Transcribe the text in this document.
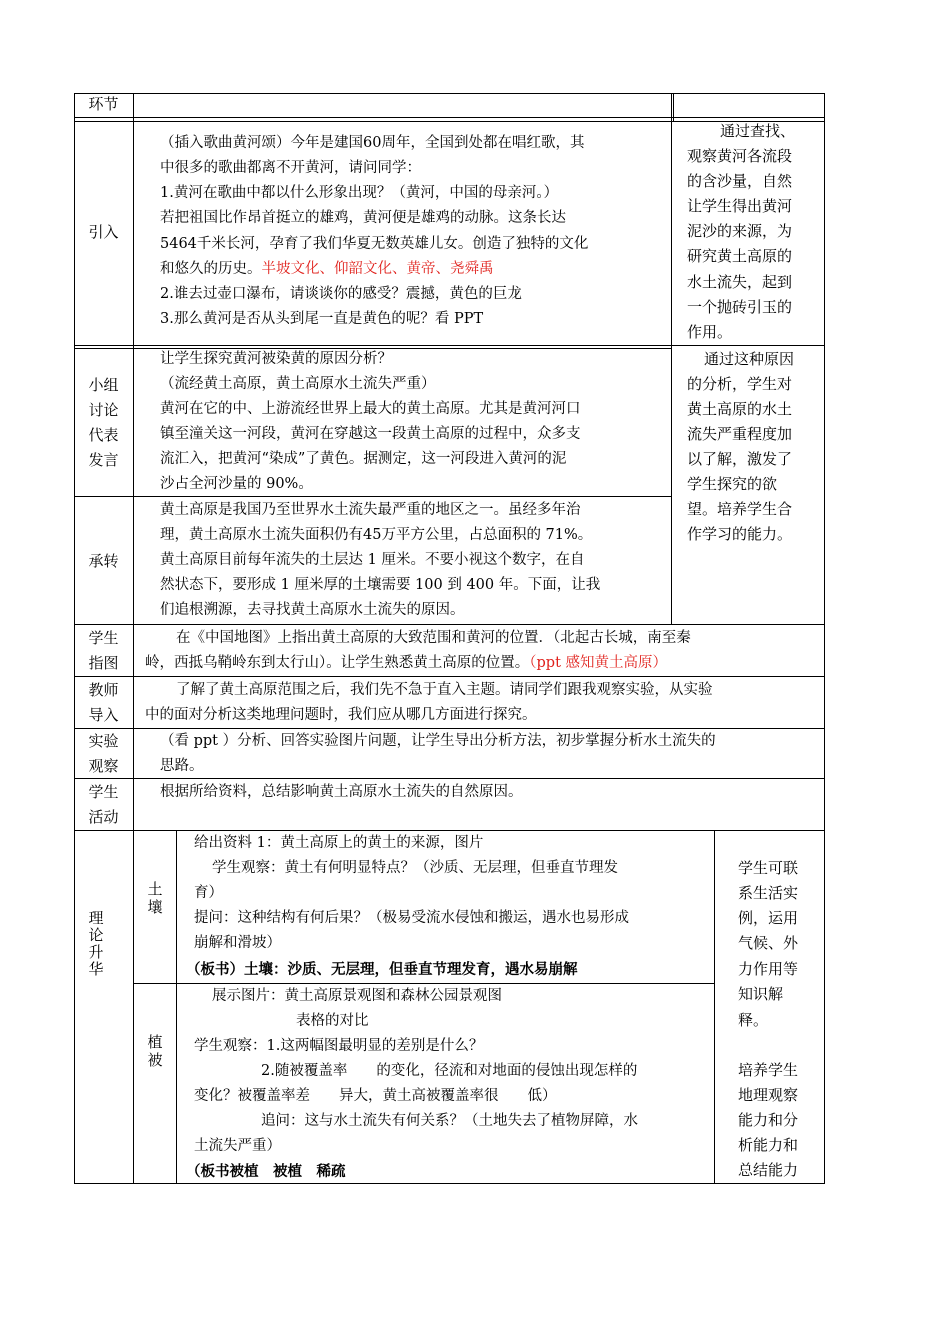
环节
引入
（插入歌曲黄河颂）今年是建国60周年，全国到处都在唱红歌，其
中很多的歌曲都离不开黄河，请问同学：
1.黄河在歌曲中都以什么形象出现？（黄河，中国的母亲河。）
若把祖国比作昂首挺立的雄鸡，黄河便是雄鸡的动脉。这条长达
5464千米长河，孕育了我们华夏无数英雄儿女。创造了独特的文化
和悠久的历史。半坡文化、仰韶文化、黄帝、尧舜禹
2.谁去过壶口瀑布，请谈谈你的感受？震撼，黄色的巨龙
3.那么黄河是否从头到尾一直是黄色的呢？看 PPT
通过查找、
观察黄河各流段
的含沙量，自然
让学生得出黄河
泥沙的来源，为
研究黄土高原的
水土流失，起到
一个抛砖引玉的
作用。
小组
讨论
代表
发言
让学生探究黄河被染黄的原因分析？
（流经黄土高原，黄土高原水土流失严重）
黄河在它的中、上游流经世界上最大的黄土高原。尤其是黄河河口
镇至潼关这一河段，黄河在穿越这一段黄土高原的过程中，众多支
流汇入，把黄河“染成”了黄色。据测定，这一河段进入黄河的泥
沙占全河沙量的 90%。
通过这种原因
的分析，学生对
黄土高原的水土
流失严重程度加
以了解，激发了
学生探究的欲
望。培养学生合
作学习的能力。
承转
黄土高原是我国乃至世界水土流失最严重的地区之一。虽经多年治
理，黄土高原水土流失面积仍有45万平方公里，占总面积的 71%。
黄土高原目前每年流失的土层达 1 厘米。不要小视这个数字，在自
然状态下，要形成 1 厘米厚的土壤需要 100 到 400 年。下面，让我
们追根溯源，去寻找黄土高原水土流失的原因。
学生
指图
在《中国地图》上指出黄土高原的大致范围和黄河的位置．（北起古长城，南至秦
岭，西抵乌鞘岭东到太行山）。让学生熟悉黄土高原的位置。（ppt 感知黄土高原）
教师
导入
了解了黄土高原范围之后，我们先不急于直入主题。请同学们跟我观察实验，从实验
中的面对分析这类地理问题时，我们应从哪几方面进行探究。
实验
观察
（看 ppt ）分析、回答实验图片问题，让学生导出分析方法，初步掌握分析水土流失的
思路。
学生
活动
根据所给资料，总结影响黄土高原水土流失的自然原因。
理
论
升
华
土
壤
给出资料 1：黄土高原上的黄土的来源，图片
学生观察：黄土有何明显特点？（沙质、无层理，但垂直节理发
育）
提问：这种结构有何后果？（极易受流水侵蚀和搬运，遇水也易形成
崩解和滑坡）
（板书）土壤：沙质、无层理，但垂直节理发育，遇水易崩解
植
被
展示图片：黄土高原景观图和森林公园景观图
表格的对比
学生观察：1.这两幅图最明显的差别是什么？
2.随被覆盖率　　的变化，径流和对地面的侵蚀出现怎样的
变化？被覆盖率差　　异大，黄土高被覆盖率很　　低）
追问：这与水土流失有何关系？（土地失去了植物屏障，水
土流失严重）
（板书被植　被植　稀疏
学生可联
系生活实
例，运用
气候、外
力作用等
知识解
释。
培养学生
地理观察
能力和分
析能力和
总结能力
